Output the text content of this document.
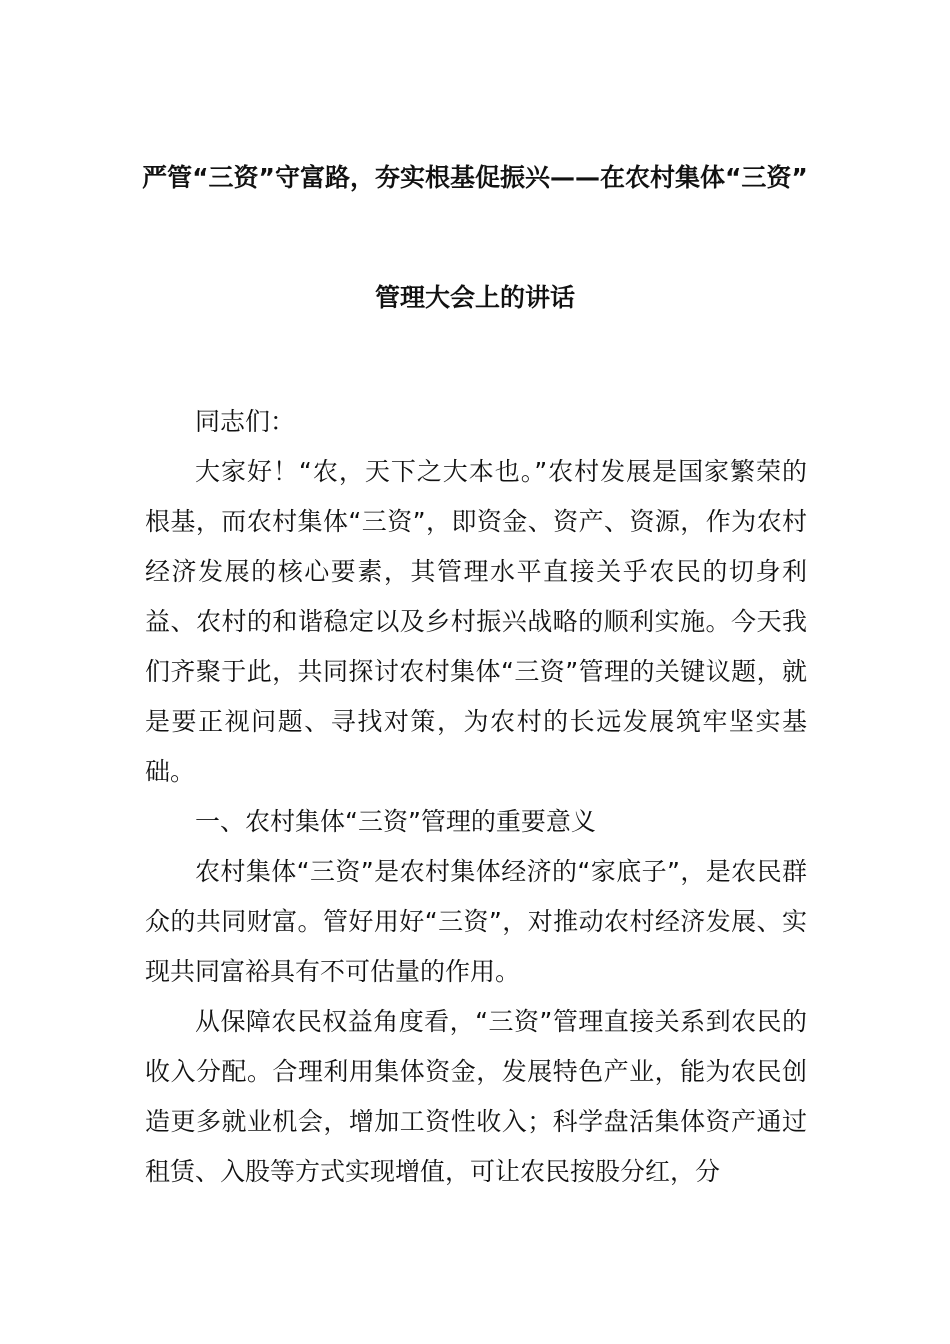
严管“三资”守富路，夯实根基促振兴——在农村集体“三资”
管理大会上的讲话

同志们：

大家好！“农，天下之大本也。”农村发展是国家繁荣的根基，而农村集体“三资”，即资金、资产、资源，作为农村经济发展的核心要素，其管理水平直接关乎农民的切身利益、农村的和谐稳定以及乡村振兴战略的顺利实施。今天我们齐聚于此，共同探讨农村集体“三资”管理的关键议题，就是要正视问题、寻找对策，为农村的长远发展筑牢坚实基础。

一、农村集体“三资”管理的重要意义

农村集体“三资”是农村集体经济的“家底子”，是农民群众的共同财富。管好用好“三资”，对推动农村经济发展、实现共同富裕具有不可估量的作用。

从保障农民权益角度看，“三资”管理直接关系到农民的收入分配。合理利用集体资金，发展特色产业，能为农民创造更多就业机会，增加工资性收入；科学盘活集体资产通过租赁、入股等方式实现增值，可让农民按股分红，分
